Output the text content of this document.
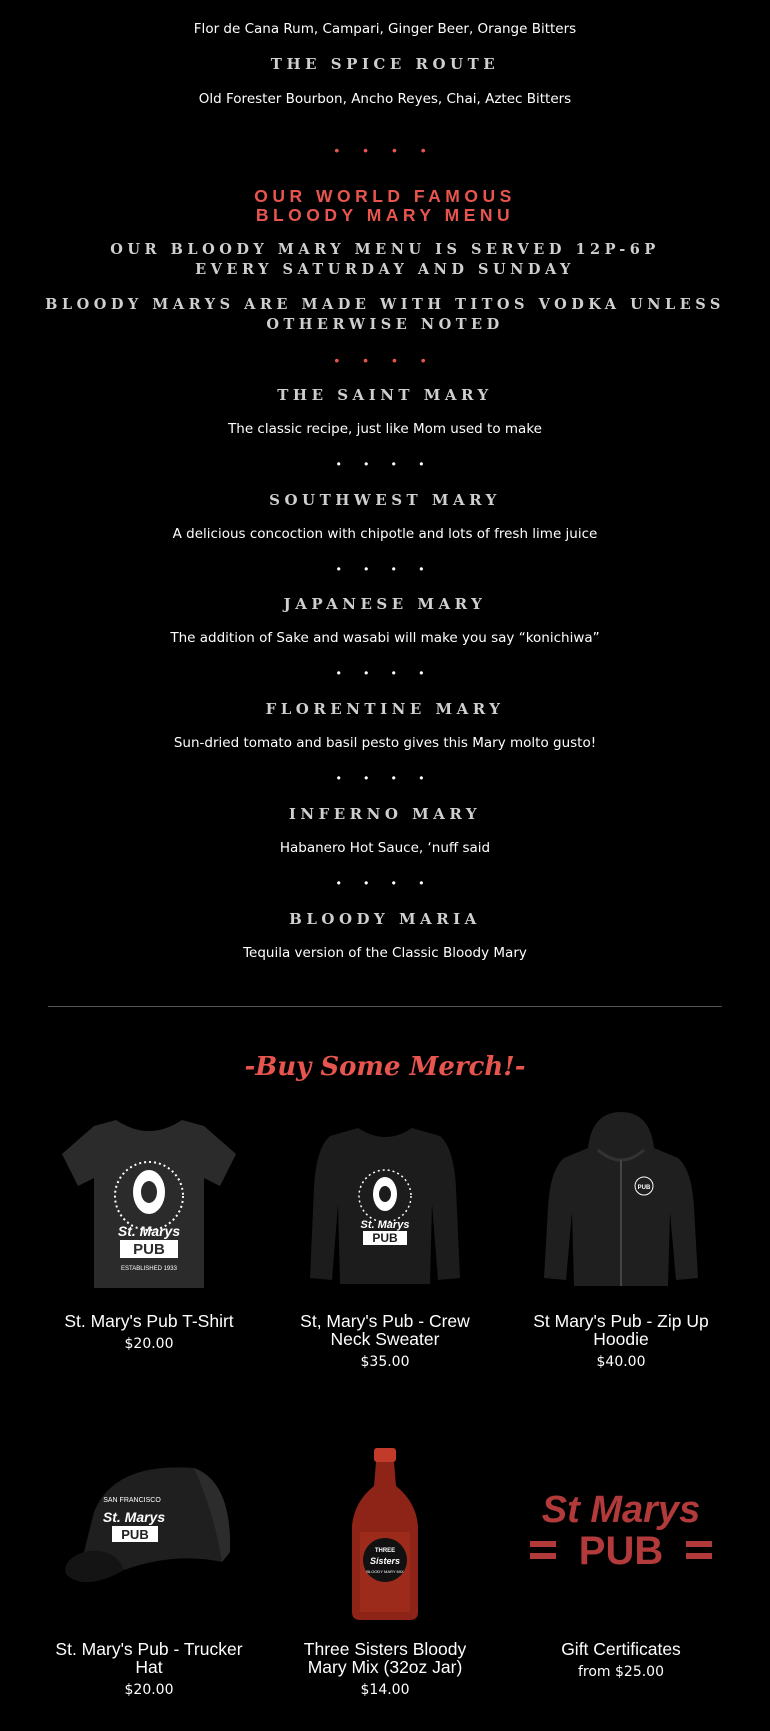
Flor de Cana Rum, Campari, Ginger Beer, Orange Bitters
THE SPICE ROUTE
Old Forester Bourbon, Ancho Reyes, Chai, Aztec Bitters
• • • •
OUR WORLD FAMOUS
BLOODY MARY MENU
OUR BLOODY MARY MENU IS SERVED 12P-6P
EVERY SATURDAY AND SUNDAY
BLOODY MARYS ARE MADE WITH TITOS VODKA UNLESS
OTHERWISE NOTED
• • • •
THE SAINT MARY
The classic recipe, just like Mom used to make
• • • •
SOUTHWEST MARY
A delicious concoction with chipotle and lots of fresh lime juice
• • • •
JAPANESE MARY
The addition of Sake and wasabi will make you say “konichiwa”
• • • •
FLORENTINE MARY
Sun-dried tomato and basil pesto gives this Mary molto gusto!
• • • •
INFERNO MARY
Habanero Hot Sauce, ‘nuff said
• • • •
BLOODY MARIA
Tequila version of the Classic Bloody Mary
-Buy Some Merch!-
St. Marys
PUB
ESTABLISHED 1933
St. Mary's Pub T-Shirt
$20.00
St. Marys
PUB
St, Mary's Pub - Crew
Neck Sweater
$35.00
PUB
St Mary's Pub - Zip Up
Hoodie
$40.00
SAN FRANCISCO
St. Marys
PUB
St. Mary's Pub - Trucker
Hat
$20.00
THREE
Sisters
BLOODY MARY MIX
Three Sisters Bloody
Mary Mix (32oz Jar)
$14.00
St Marys
PUB
Gift Certificates
from $25.00
